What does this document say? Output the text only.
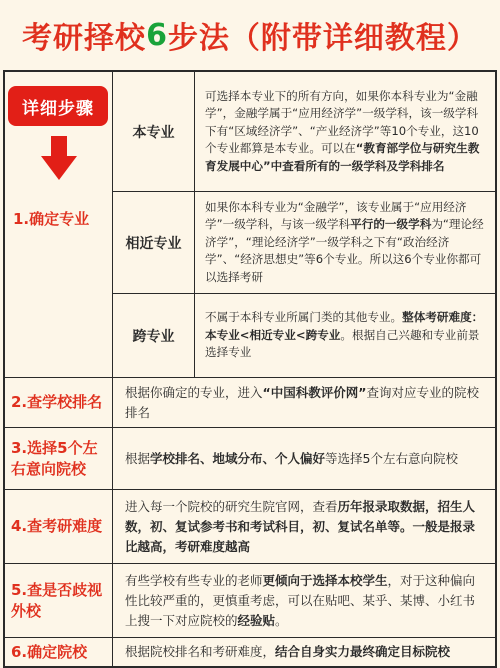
考研择校 6 步法（附带详细教程）
详细步骤
1.确定专业
本专业
可选择本专业下的所有方向，如果你本科专业为“金融学”，金融学属于“应用经济学”一级学科，该一级学科下有“区域经济学”、“产业经济学”等10个专业，这10个专业都算是本专业。可以在“教育部学位与研究生教育发展中心”中查看所有的一级学科及学科排名
相近专业
如果你本科专业为“金融学”，该专业属于“应用经济学”一级学科，与该一级学科平行的一级学科为“理论经济学”，“理论经济学”一级学科之下有“政治经济学”、“经济思想史”等6个专业。所以这6个专业你都可以选择考研
跨专业
不属于本科专业所属门类的其他专业。整体考研难度：本专业<相近专业<跨专业。根据自己兴趣和专业前景选择专业
2.查学校排名
根据你确定的专业，进入“中国科教评价网”查询对应专业的院校排名
3.选择5个左右意向院校
根据学校排名、地域分布、个人偏好等选择5个左右意向院校
4.查考研难度
进入每一个院校的研究生院官网，查看历年报录取数据，招生人数，初、复试参考书和考试科目，初、复试名单等。一般是报录比越高，考研难度越高
5.查是否歧视外校
有些学校有些专业的老师更倾向于选择本校学生，对于这种偏向性比较严重的，更慎重考虑，可以在贴吧、某乎、某博、小红书上搜一下对应院校的经验贴。
6.确定院校	根据院校排名和考研难度，结合自身实力最终确定目标院校
